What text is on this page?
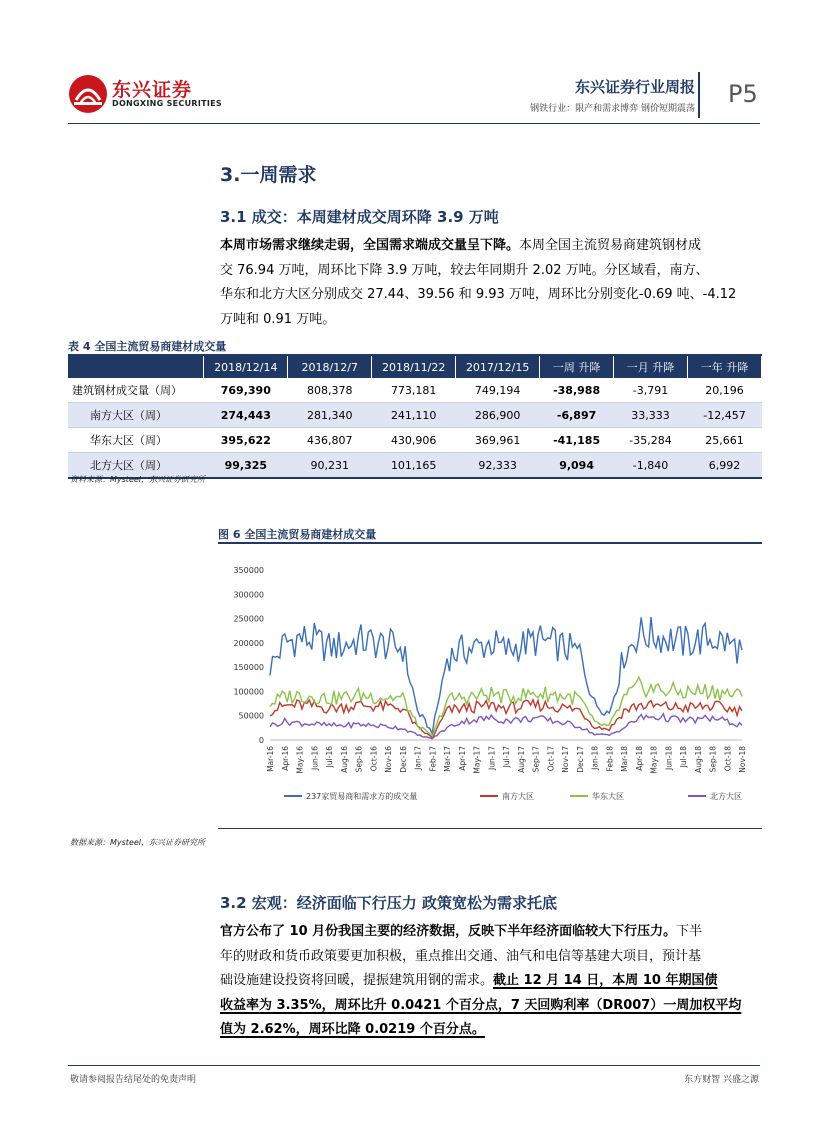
东兴证券
DONGXING SECURITIES
东兴证券行业周报
钢铁行业：限产和需求博弈 钢价短期震荡
P5
3.一周需求
3.1 成交：本周建材成交周环降 3.9 万吨
本周市场需求继续走弱，全国需求端成交量呈下降。本周全国主流贸易商建筑钢材成
交 76.94 万吨，周环比下降 3.9 万吨，较去年同期升 2.02 万吨。分区域看，南方、
华东和北方大区分别成交 27.44、39.56 和 9.93 万吨，周环比分别变化-0.69 吨、-4.12
万吨和 0.91 万吨。
表 4 全国主流贸易商建材成交量
	2018/12/14	2018/12/7	2018/11/22	2017/12/15	一周 升降	一月 升降	一年 升降
建筑钢材成交量（周）	769,390	808,378	773,181	749,194	-38,988	-3,791	20,196
南方大区（周）	274,443	281,340	241,110	286,900	-6,897	33,333	-12,457
华东大区（周）	395,622	436,807	430,906	369,961	-41,185	-35,284	25,661
北方大区（周）	99,325	90,231	101,165	92,333	9,094	-1,840	6,992
资料来源：Mysteel，东兴证券研究所
图 6 全国主流贸易商建材成交量
350000
300000
250000
200000
150000
100000
50000
0
Mar-16 Apr-16 May-16 Jun-16 Jul-16 Aug-16 Sep-16 Oct-16 Nov-16 Dec-16 Jan-17 Feb-17 Mar-17 Apr-17 May-17 Jun-17 Jul-17 Aug-17 Sep-17 Oct-17 Nov-17 Dec-17 Jan-18 Feb-18 Mar-18 Apr-18 May-18 Jun-18 Jul-18 Aug-18 Sep-18 Oct-18 Nov-18
237家贸易商和需求方的成交量	南方大区	华东大区	北方大区
数据来源：Mysteel，东兴证券研究所
3.2 宏观：经济面临下行压力 政策宽松为需求托底
官方公布了 10 月份我国主要的经济数据，反映下半年经济面临较大下行压力。下半
年的财政和货币政策要更加积极，重点推出交通、油气和电信等基建大项目，预计基
础设施建设投资将回暖，提振建筑用钢的需求。截止 12 月 14 日，本周 10 年期国债
收益率为 3.35%，周环比升 0.0421 个百分点，7 天回购利率（DR007）一周加权平均
值为 2.62%，周环比降 0.0219 个百分点。
敬请参阅报告结尾处的免责声明	东方财智 兴盛之源
